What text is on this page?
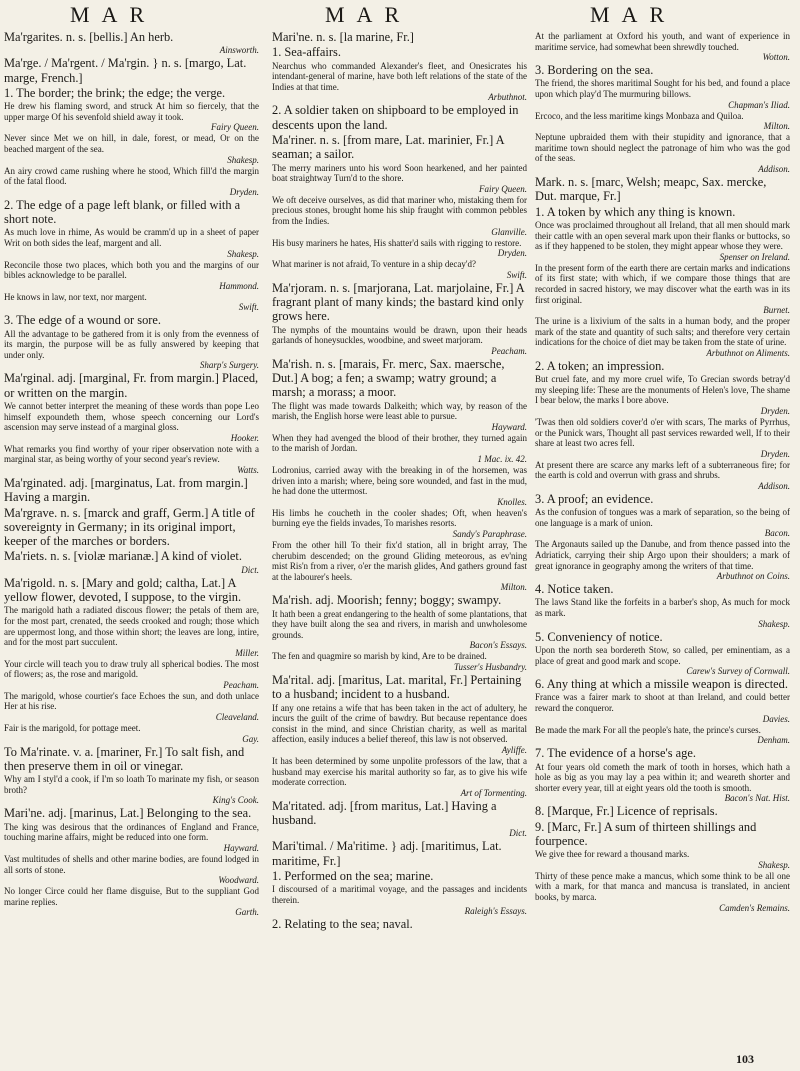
MAR	MAR	MAR
Ma'rgarites. n. s. [bellis.] An herb.
Ainsworth.
Ma'rge. / Ma'rgent. / Ma'rgin. } n. s. [margo, Lat. marge, French.]
1. The border; the brink; the edge; the verge.
He drew his flaming sword, and struck At him so fiercely, that the upper marge Of his sevenfold shield away it took.
Fairy Queen.
Never since Met we on hill, in dale, forest, or mead, Or on the beached margent of the sea.
Shakesp.
An airy crowd came rushing where he stood, Which fill'd the margin of the fatal flood.
Dryden.
2. The edge of a page left blank, or filled with a short note.
As much love in rhime, As would be cramm'd up in a sheet of paper Writ on both sides the leaf, margent and all.
Shakesp.
Reconcile those two places, which both you and the margins of our bibles acknowledge to be parallel.
Hammond.
He knows in law, nor text, nor margent.
Swift.
3. The edge of a wound or sore.
All the advantage to be gathered from it is only from the evenness of its margin, the purpose will be as fully answered by keeping that under only.
Sharp's Surgery.
Ma'rginal. adj. [marginal, Fr. from margin.] Placed, or written on the margin.
We cannot better interpret the meaning of these words than pope Leo himself expoundeth them, whose speech concerning our Lord's ascension may serve instead of a marginal gloss.
Hooker.
What remarks you find worthy of your riper observation note with a marginal star, as being worthy of your second year's review.
Watts.
Ma'rginated. adj. [marginatus, Lat. from margin.] Having a margin.
Ma'rgrave. n. s. [marck and graff, Germ.] A title of sovereignty in Germany; in its original import, keeper of the marches or borders.
Ma'riets. n. s. [violæ marianæ.] A kind of violet.
Dict.
Ma'rigold. n. s. [Mary and gold; caltha, Lat.] A yellow flower, devoted, I suppose, to the virgin.
The marigold hath a radiated discous flower; the petals of them are, for the most part, crenated, the seeds crooked and rough; those which are uppermost long, and those within short; the leaves are long, intire, and for the most part succulent.
Miller.
Your circle will teach you to draw truly all spherical bodies. The most of flowers; as, the rose and marigold.
Peacham.
The marigold, whose courtier's face Echoes the sun, and doth unlace Her at his rise.
Cleaveland.
Fair is the marigold, for pottage meet.
Gay.
To Ma'rinate. v. a. [mariner, Fr.] To salt fish, and then preserve them in oil or vinegar.
Why am I styl'd a cook, if I'm so loath To marinate my fish, or season broth?
King's Cook.
Mari'ne. adj. [marinus, Lat.] Belonging to the sea.
The king was desirous that the ordinances of England and France, touching marine affairs, might be reduced into one form.
Hayward.
Vast multitudes of shells and other marine bodies, are found lodged in all sorts of stone.
Woodward.
No longer Circe could her flame disguise, But to the suppliant God marine replies.
Garth.
Mari'ne. n. s. [la marine, Fr.]
1. Sea-affairs.
Nearchus who commanded Alexander's fleet, and Onesicrates his intendant-general of marine, have both left relations of the state of the Indies at that time.
Arbuthnot.
2. A soldier taken on shipboard to be employed in descents upon the land.
Ma'riner. n. s. [from mare, Lat. marinier, Fr.] A seaman; a sailor.
The merry mariners unto his word Soon hearkened, and her painted boat straightway Turn'd to the shore.
Fairy Queen.
We oft deceive ourselves, as did that mariner who, mistaking them for precious stones, brought home his ship fraught with common pebbles from the Indies.
Glanville.
His busy mariners he hates, His shatter'd sails with rigging to restore.
Dryden.
What mariner is not afraid, To venture in a ship decay'd?
Swift.
Ma'rjoram. n. s. [marjorana, Lat. marjolaine, Fr.] A fragrant plant of many kinds; the bastard kind only grows here.
The nymphs of the mountains would be drawn, upon their heads garlands of honeysuckles, woodbine, and sweet marjoram.
Peacham.
Ma'rish. n. s. [marais, Fr. merc, Sax. maersche, Dut.] A bog; a fen; a swamp; watry ground; a marsh; a morass; a moor.
The flight was made towards Dalkeith; which way, by reason of the marish, the English horse were least able to pursue.
Hayward.
When they had avenged the blood of their brother, they turned again to the marish of Jordan.
1 Mac. ix. 42.
Lodronius, carried away with the breaking in of the horsemen, was driven into a marish; where, being sore wounded, and fast in the mud, he had done the uttermost.
Knolles.
His limbs he coucheth in the cooler shades; Oft, when heaven's burning eye the fields invades, To marishes resorts.
Sandy's Paraphrase.
From the other hill To their fix'd station, all in bright array, The cherubim descended; on the ground Gliding meteorous, as ev'ning mist Ris'n from a river, o'er the marish glides, And gathers ground fast at the labourer's heels.
Milton.
Ma'rish. adj. Moorish; fenny; boggy; swampy.
It hath been a great endangering to the health of some plantations, that they have built along the sea and rivers, in marish and unwholesome grounds.
Bacon's Essays.
The fen and quagmire so marish by kind, Are to be drained.
Tusser's Husbandry.
Ma'rital. adj. [maritus, Lat. marital, Fr.] Pertaining to a husband; incident to a husband.
If any one retains a wife that has been taken in the act of adultery, he incurs the guilt of the crime of bawdry. But because repentance does consist in the mind, and since Christian charity, as well as marital affection, easily induces a belief thereof, this law is not observed.
Ayliffe.
It has been determined by some unpolite professors of the law, that a husband may exercise his marital authority so far, as to give his wife moderate correction.
Art of Tormenting.
Ma'ritated. adj. [from maritus, Lat.] Having a husband.
Dict.
Mari'timal. / Ma'ritime. } adj. [maritimus, Lat. maritime, Fr.]
1. Performed on the sea; marine.
I discoursed of a maritimal voyage, and the passages and incidents therein.
Raleigh's Essays.
2. Relating to the sea; naval.
At the parliament at Oxford his youth, and want of experience in maritime service, had somewhat been shrewdly touched.
Wotton.
3. Bordering on the sea.
The friend, the shores maritimal Sought for his bed, and found a place upon which play'd The murmuring billows.
Chapman's Iliad.
Ercoco, and the less maritime kings Monbaza and Quiloa.
Milton.
Neptune upbraided them with their stupidity and ignorance, that a maritime town should neglect the patronage of him who was the god of the seas.
Addison.
Mark. n. s. [marc, Welsh; meapc, Sax. mercke, Dut. marque, Fr.]
1. A token by which any thing is known.
Once was proclaimed throughout all Ireland, that all men should mark their cattle with an open several mark upon their flanks or buttocks, so as if they happened to be stolen, they might appear whose they were.
Spenser on Ireland.
In the present form of the earth there are certain marks and indications of its first state; with which, if we compare those things that are recorded in sacred history, we may discover what the earth was in its first original.
Burnet.
The urine is a lixivium of the salts in a human body, and the proper mark of the state and quantity of such salts; and therefore very certain indications for the choice of diet may be taken from the state of urine.
Arbuthnot on Aliments.
2. A token; an impression.
But cruel fate, and my more cruel wife, To Grecian swords betray'd my sleeping life: These are the monuments of Helen's love, The shame I bear below, the marks I bore above.
Dryden.
'Twas then old soldiers cover'd o'er with scars, The marks of Pyrrhus, or the Punick wars, Thought all past services rewarded well, If to their share at least two acres fell.
Dryden.
At present there are scarce any marks left of a subterraneous fire; for the earth is cold and overrun with grass and shrubs.
Addison.
3. A proof; an evidence.
As the confusion of tongues was a mark of separation, so the being of one language is a mark of union.
Bacon.
The Argonauts sailed up the Danube, and from thence passed into the Adriatick, carrying their ship Argo upon their shoulders; a mark of great ignorance in geography among the writers of that time.
Arbuthnot on Coins.
4. Notice taken.
The laws Stand like the forfeits in a barber's shop, As much for mock as mark.
Shakesp.
5. Conveniency of notice.
Upon the north sea bordereth Stow, so called, per eminentiam, as a place of great and good mark and scope.
Carew's Survey of Cornwall.
6. Any thing at which a missile weapon is directed.
France was a fairer mark to shoot at than Ireland, and could better reward the conqueror.
Davies.
Be made the mark For all the people's hate, the prince's curses.
Denham.
7. The evidence of a horse's age.
At four years old cometh the mark of tooth in horses, which hath a hole as big as you may lay a pea within it; and weareth shorter and shorter every year, till at eight years old the tooth is smooth.
Bacon's Nat. Hist.
8. [Marque, Fr.] Licence of reprisals.
9. [Marc, Fr.] A sum of thirteen shillings and fourpence.
We give thee for reward a thousand marks.
Shakesp.
Thirty of these pence make a mancus, which some think to be all one with a mark, for that manca and mancusa is translated, in ancient books, by marca.
Camden's Remains.
103
